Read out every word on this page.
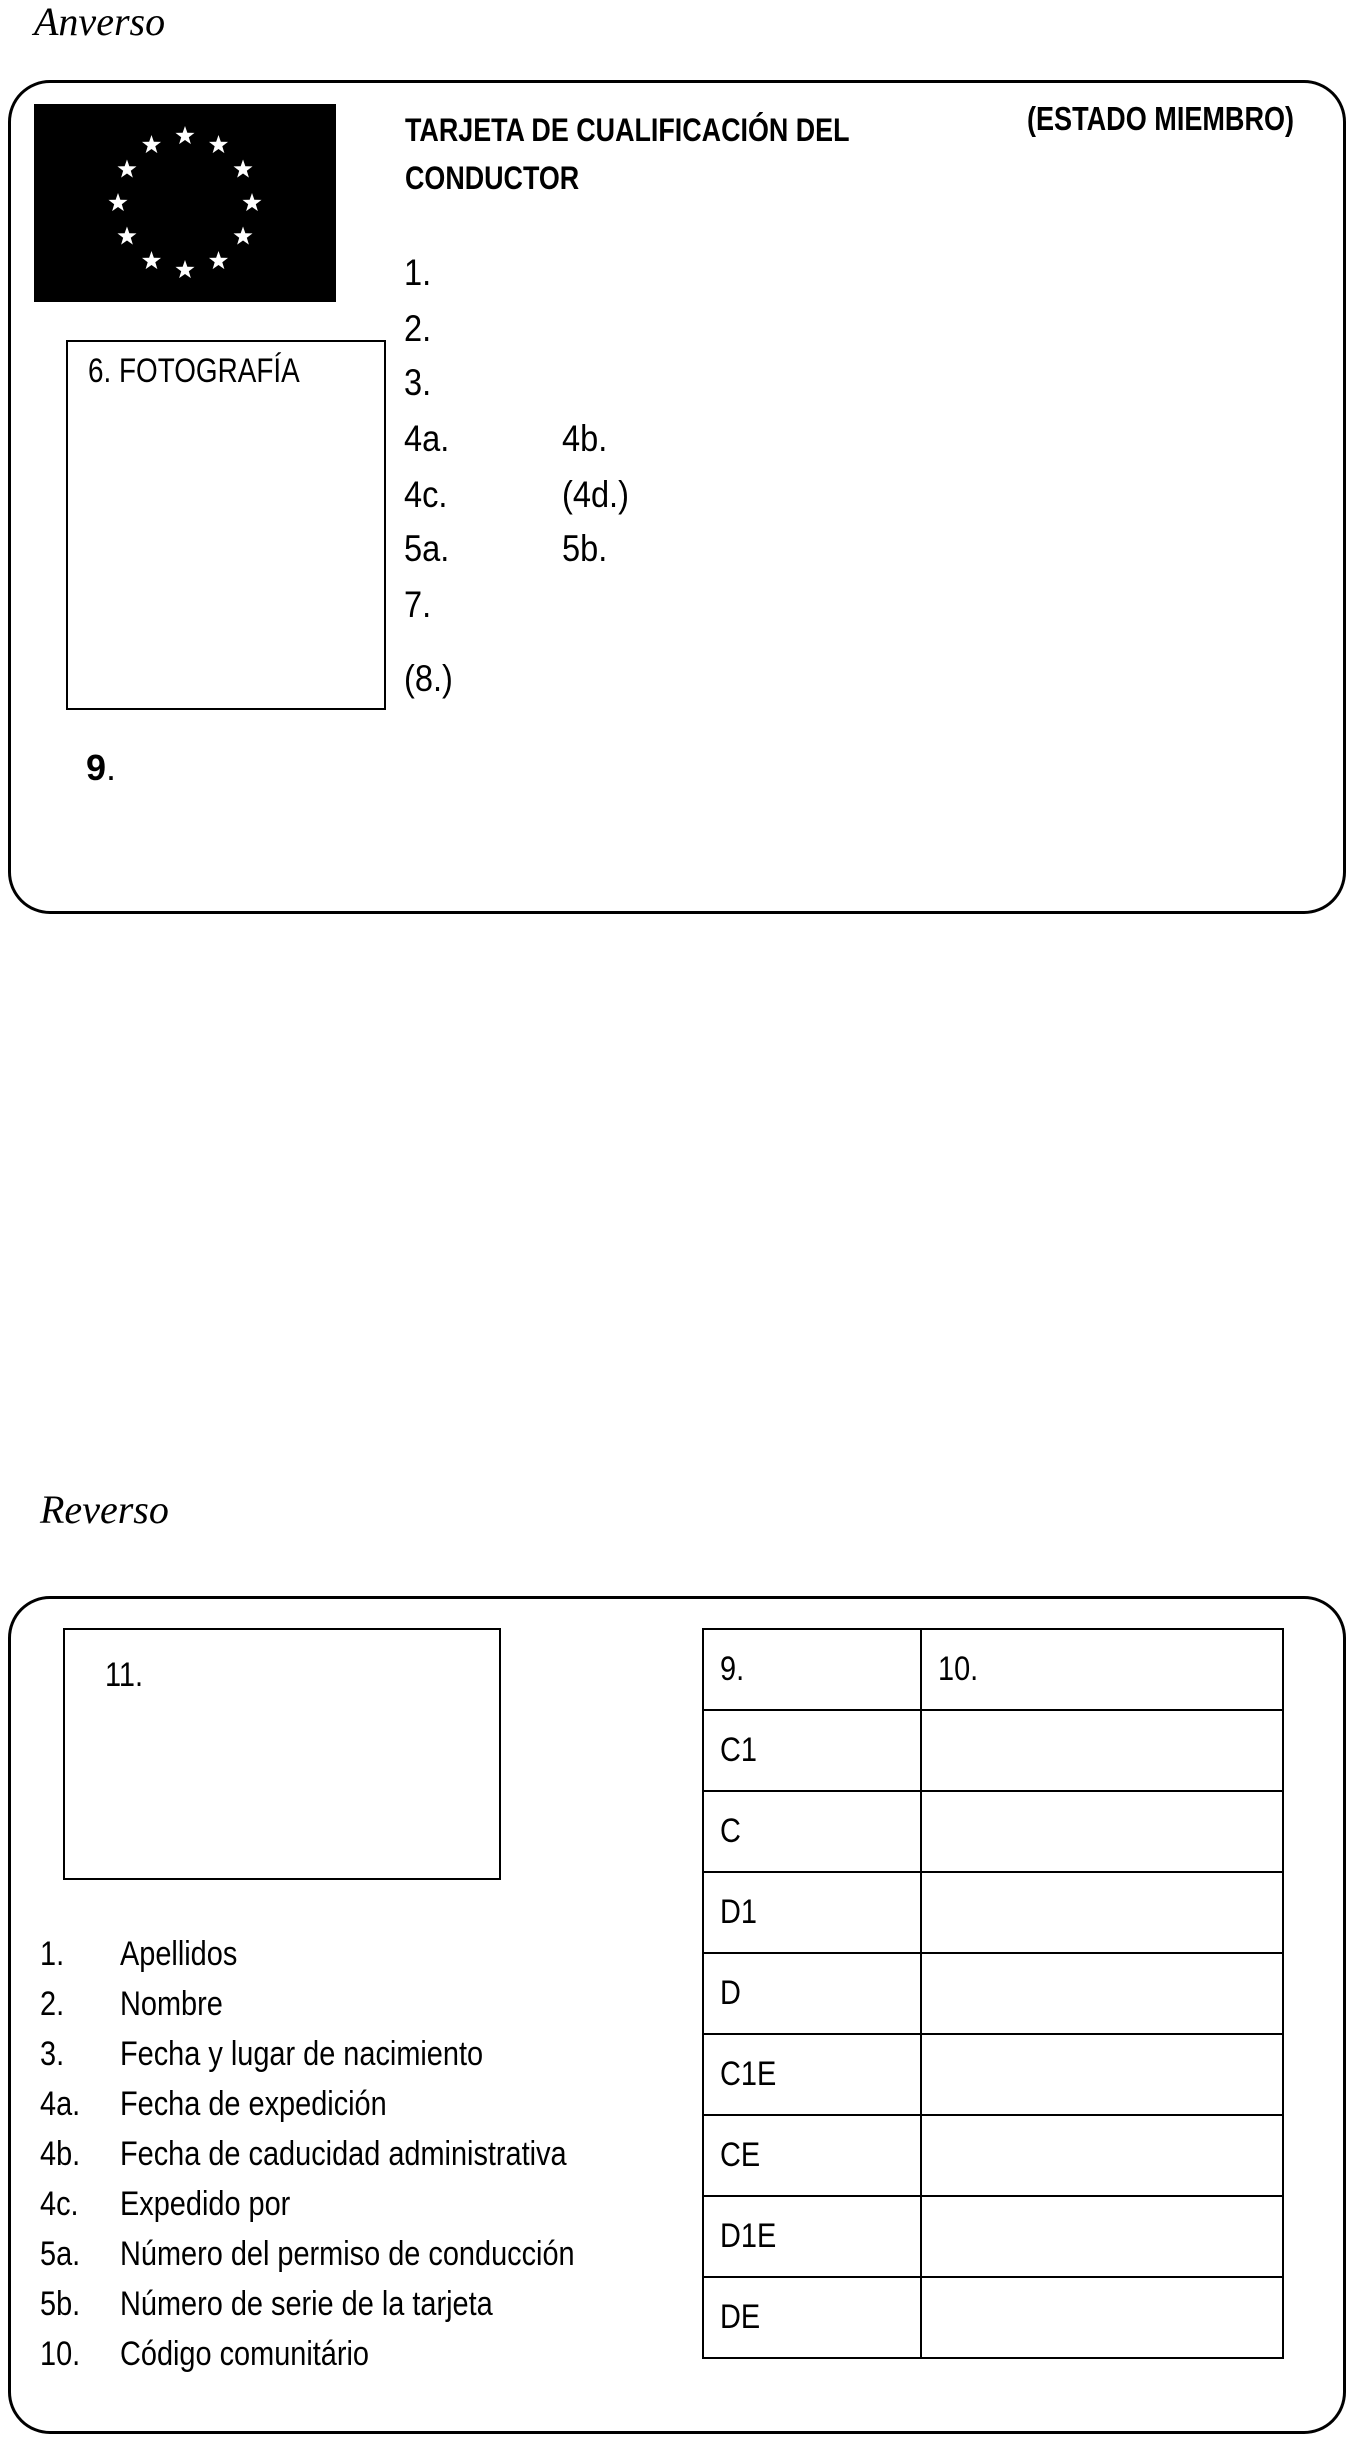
Anverso
TARJETA DE CUALIFICACIÓN DEL
CONDUCTOR
(ESTADO MIEMBRO)
6. FOTOGRAFÍA
1.
2.
3.
4a.	4b.
4c.	(4d.)
5a.	5b.
7.
(8.)
9.
Reverso
11.
1. Apellidos
2. Nombre
3. Fecha y lugar de nacimiento
4a. Fecha de expedición
4b. Fecha de caducidad administrativa
4c. Expedido por
5a. Número del permiso de conducción
5b. Número de serie de la tarjeta
10. Código comunitário
9.	10.
C1	
C	
D1	
D	
C1E	
CE	
D1E	
DE	
